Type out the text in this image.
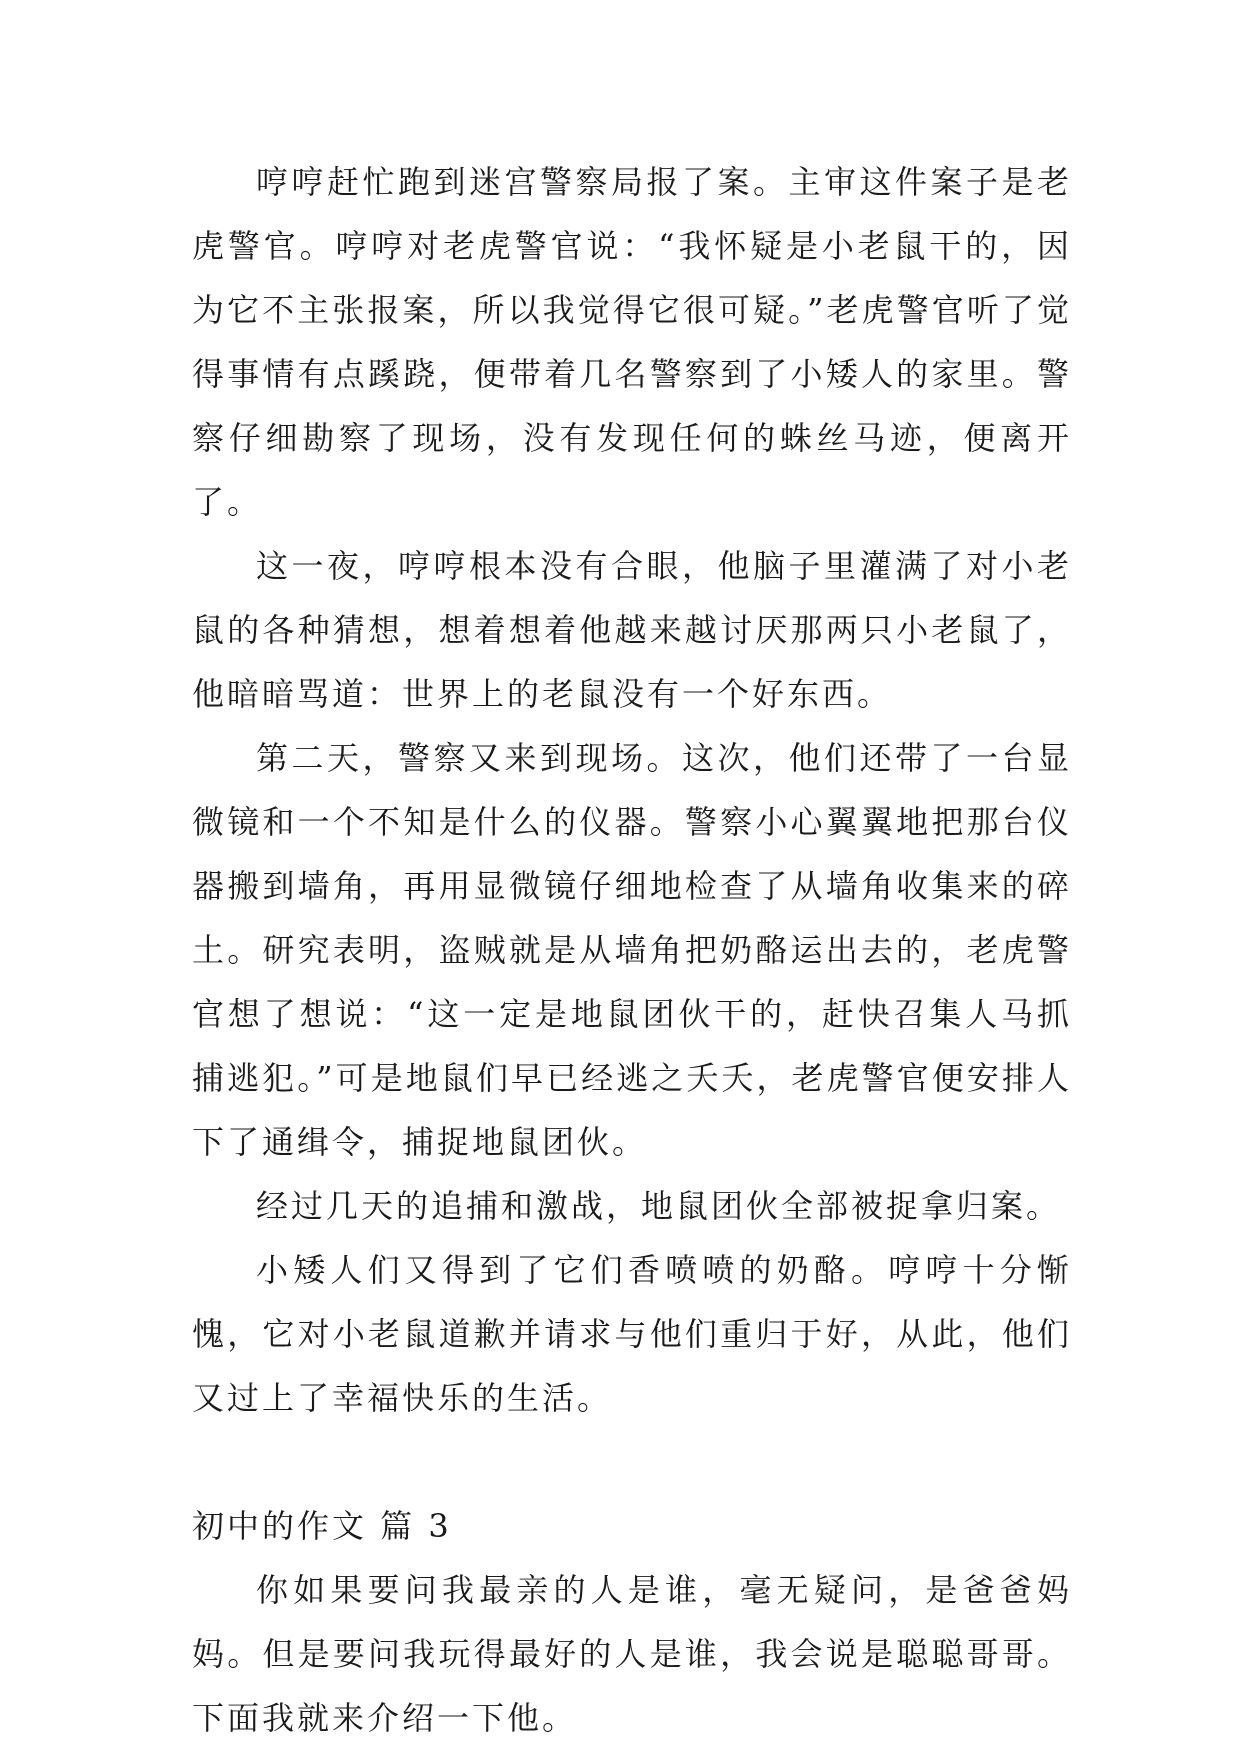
哼哼赶忙跑到迷宫警察局报了案。主审这件案子是老虎警官。哼哼对老虎警官说：“我怀疑是小老鼠干的，因为它不主张报案，所以我觉得它很可疑。”老虎警官听了觉得事情有点蹊跷，便带着几名警察到了小矮人的家里。警察仔细勘察了现场，没有发现任何的蛛丝马迹，便离开了。

这一夜，哼哼根本没有合眼，他脑子里灌满了对小老鼠的各种猜想，想着想着他越来越讨厌那两只小老鼠了，他暗暗骂道：世界上的老鼠没有一个好东西。

第二天，警察又来到现场。这次，他们还带了一台显微镜和一个不知是什么的仪器。警察小心翼翼地把那台仪器搬到墙角，再用显微镜仔细地检查了从墙角收集来的碎土。研究表明，盗贼就是从墙角把奶酪运出去的，老虎警官想了想说：“这一定是地鼠团伙干的，赶快召集人马抓捕逃犯。”可是地鼠们早已经逃之夭夭，老虎警官便安排人下了通缉令，捕捉地鼠团伙。

经过几天的追捕和激战，地鼠团伙全部被捉拿归案。

小矮人们又得到了它们香喷喷的奶酪。哼哼十分惭愧，它对小老鼠道歉并请求与他们重归于好，从此，他们又过上了幸福快乐的生活。

初中的作文 篇 3

你如果要问我最亲的人是谁，毫无疑问，是爸爸妈妈。但是要问我玩得最好的人是谁，我会说是聪聪哥哥。下面我就来介绍一下他。
